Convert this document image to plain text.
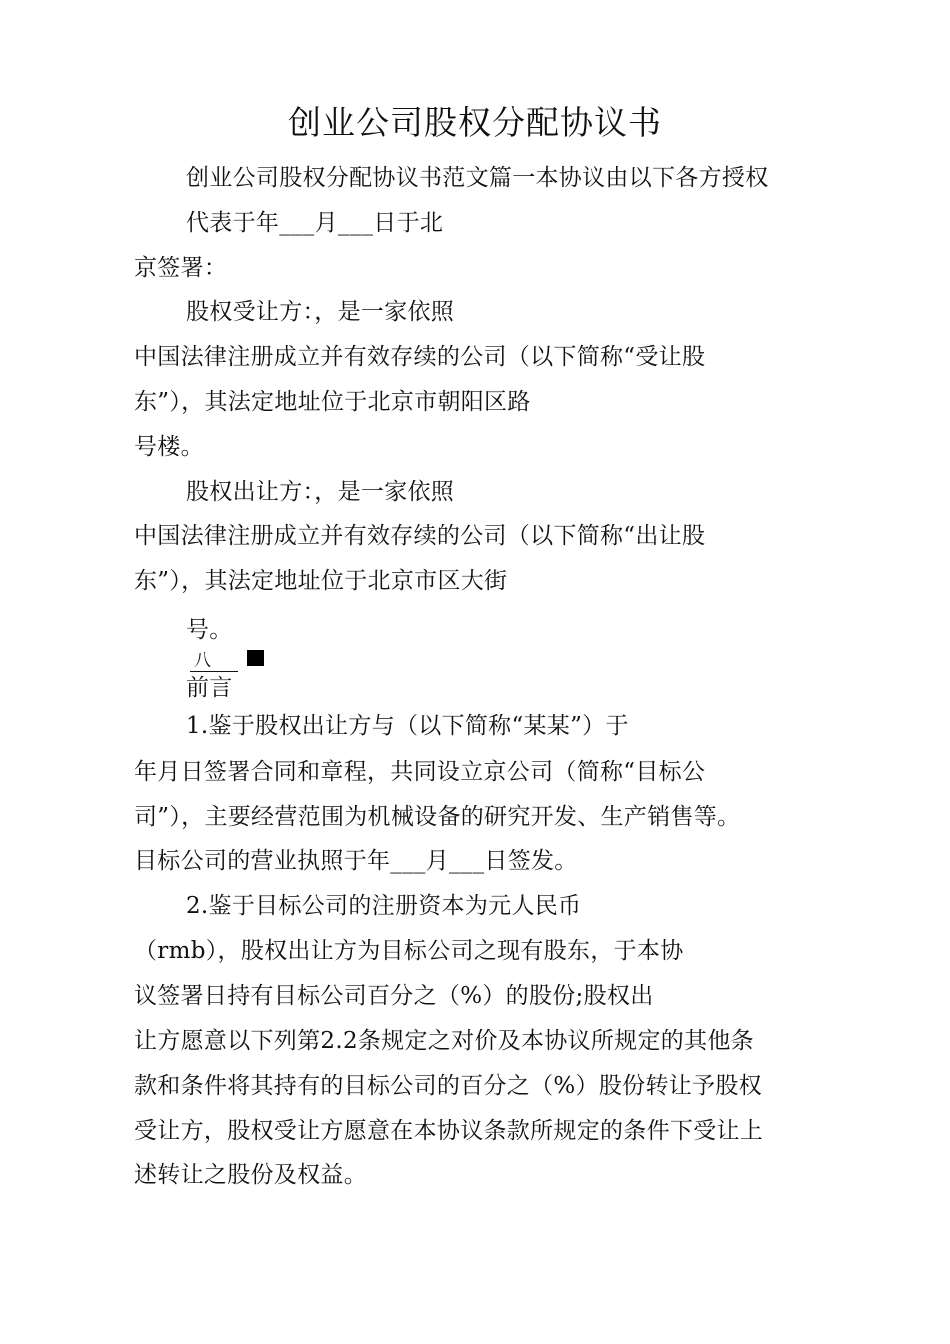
创业公司股权分配协议书
创业公司股权分配协议书范文篇一本协议由以下各方授权
代表于年___月___日于北
京签署：
股权受让方：，是一家依照
中国法律注册成立并有效存续的公司（以下简称“受让股
东”），其法定地址位于北京市朝阳区路
号楼。
股权出让方：，是一家依照
中国法律注册成立并有效存续的公司（以下简称“出让股
东”），其法定地址位于北京市区大街
号。
八
前言
1.鉴于股权出让方与（以下简称“某某”）于
年月日签署合同和章程，共同设立京公司（简称“目标公
司”），主要经营范围为机械设备的研究开发、生产销售等。
目标公司的营业执照于年___月___日签发。
2.鉴于目标公司的注册资本为元人民币
（rmb），股权出让方为目标公司之现有股东，于本协
议签署日持有目标公司百分之（%）的股份;股权出
让方愿意以下列第2.2条规定之对价及本协议所规定的其他条
款和条件将其持有的目标公司的百分之（%）股份转让予股权
受让方，股权受让方愿意在本协议条款所规定的条件下受让上
述转让之股份及权益。
